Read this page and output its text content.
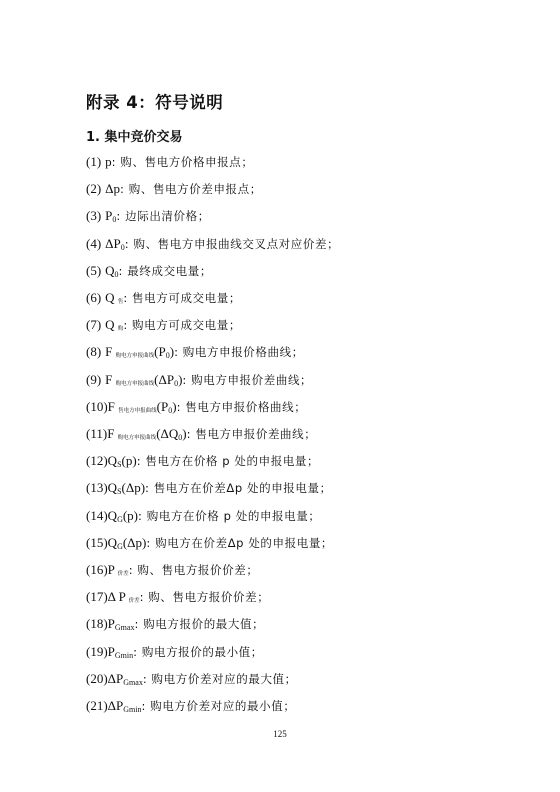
附录 4：符号说明
1. 集中竞价交易
(1) p: 购、售电方价格申报点；
(2) Δp: 购、售电方价差申报点；
(3) $P_0$: 边际出清价格；
(4) $\Delta P_0$: 购、售电方申报曲线交叉点对应价差；
(5) $Q_0$: 最终成交电量；
(6) Q $_售$: 售电方可成交电量；
(7) Q $_购$: 购电方可成交电量；
(8) F $_{购电方申报曲线}(P_0)$: 购电方申报价格曲线；
(9) F $_{购电方申报曲线}(\Delta P_0)$: 购电方申报价差曲线；
(10)F $_{售电方申报曲线}(P_0)$: 售电方申报价格曲线；
(11)F $_{购电方申报曲线}(\Delta Q_0)$: 售电方申报价差曲线；
$(12)Q_S(p)$: 售电方在价格 p 处的申报电量；
$(13)Q_S(\Delta p)$: 售电方在价差Δp 处的申报电量；
$(14)Q_G(p)$: 购电方在价格 p 处的申报电量；
$(15)Q_G(\Delta p)$: 购电方在价差Δp 处的申报电量；
(16)P $_{价差}$: 购、售电方报价价差；
(17)Δ P $_{价差}$: 购、售电方报价价差；
$(18)P_{Gmax}$: 购电方报价的最大值；
$(19)P_{Gmin}$: 购电方报价的最小值；
$(20)\Delta P_{Gmax}$: 购电方价差对应的最大值；
$(21)\Delta P_{Gmin}$: 购电方价差对应的最小值；
125
